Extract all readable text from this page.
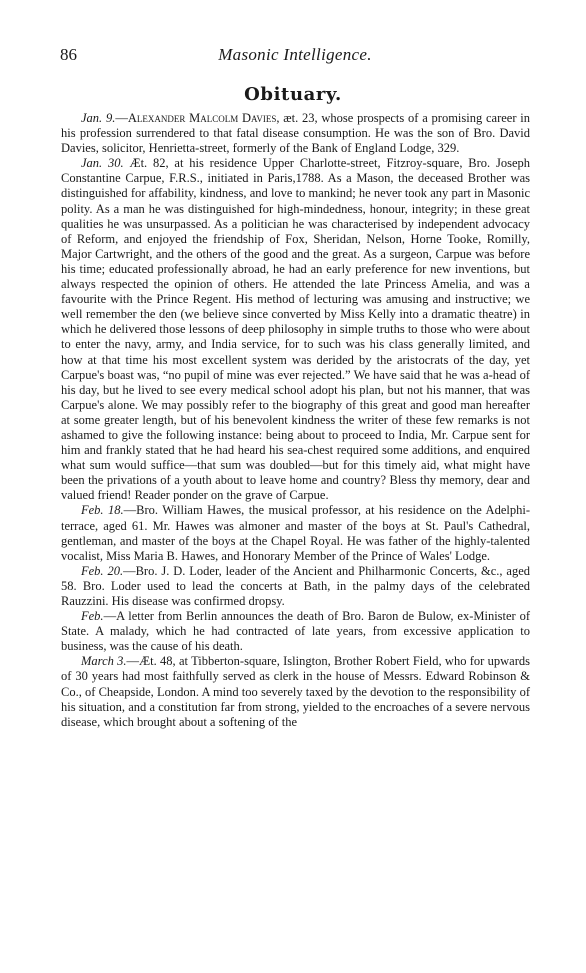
86	Masonic Intelligence.
Obituary.

Jan. 9.—Alexander Malcolm Davies, æt. 23, whose prospects of a promising career in his profession surrendered to that fatal disease consumption. He was the son of Bro. David Davies, solicitor, Henrietta-street, formerly of the Bank of England Lodge, 329.

Jan. 30. Æt. 82, at his residence Upper Charlotte-street, Fitzroy-square, Bro. Joseph Constantine Carpue, F.R.S., initiated in Paris,1788. As a Mason, the deceased Brother was distinguished for affability, kindness, and love to mankind; he never took any part in Masonic polity. As a man he was distinguished for high-mindedness, honour, integrity; in these great qualities he was unsurpassed. As a politician he was characterised by independent advocacy of Reform, and enjoyed the friendship of Fox, Sheridan, Nelson, Horne Tooke, Romilly, Major Cartwright, and the others of the good and the great. As a surgeon, Carpue was before his time; educated professionally abroad, he had an early preference for new inventions, but always respected the opinion of others. He attended the late Princess Amelia, and was a favourite with the Prince Regent. His method of lecturing was amusing and instructive; we well remember the den (we believe since converted by Miss Kelly into a dramatic theatre) in which he delivered those lessons of deep philosophy in simple truths to those who were about to enter the navy, army, and India service, for to such was his class generally limited, and how at that time his most excellent system was derided by the aristocrats of the day, yet Carpue's boast was, “no pupil of mine was ever rejected.” We have said that he was a-head of his day, but he lived to see every medical school adopt his plan, but not his manner, that was Carpue's alone. We may possibly refer to the biography of this great and good man hereafter at some greater length, but of his benevolent kindness the writer of these few remarks is not ashamed to give the following instance: being about to proceed to India, Mr. Carpue sent for him and frankly stated that he had heard his sea-chest required some additions, and enquired what sum would suffice—that sum was doubled—but for this timely aid, what might have been the privations of a youth about to leave home and country? Bless thy memory, dear and valued friend! Reader ponder on the grave of Carpue.

Feb. 18.—Bro. William Hawes, the musical professor, at his residence on the Adelphi-terrace, aged 61. Mr. Hawes was almoner and master of the boys at St. Paul's Cathedral, gentleman, and master of the boys at the Chapel Royal. He was father of the highly-talented vocalist, Miss Maria B. Hawes, and Honorary Member of the Prince of Wales' Lodge.

Feb. 20.—Bro. J. D. Loder, leader of the Ancient and Philharmonic Concerts, &c., aged 58. Bro. Loder used to lead the concerts at Bath, in the palmy days of the celebrated Rauzzini. His disease was confirmed dropsy.

Feb.—A letter from Berlin announces the death of Bro. Baron de Bulow, ex-Minister of State. A malady, which he had contracted of late years, from excessive application to business, was the cause of his death.

March 3.—Æt. 48, at Tibberton-square, Islington, Brother Robert Field, who for upwards of 30 years had most faithfully served as clerk in the house of Messrs. Edward Robinson & Co., of Cheapside, London. A mind too severely taxed by the devotion to the responsibility of his situation, and a constitution far from strong, yielded to the encroaches of a severe nervous disease, which brought about a softening of the
